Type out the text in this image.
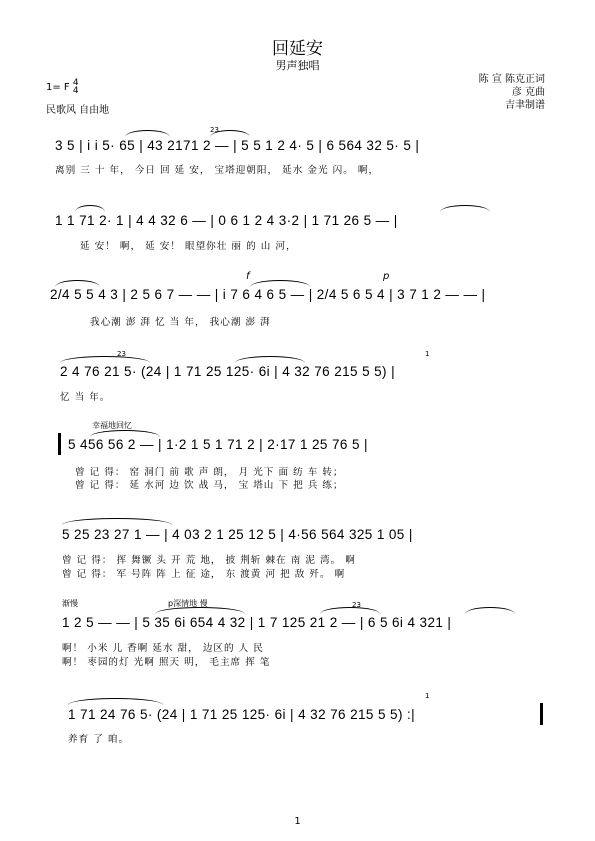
回延安
男声独唱
1= F 4
4
民歌风 自由地
陈 宣 陈克正词
彦 克曲
吉聿制谱
3 5 | i i 5· 65 | 43 2171 2 — | 5 5 1 2 4· 5 | 6 564 32 5· 5 |
离别 三 十 年， 今日 回 延 安， 宝塔迎朝阳， 延水 金光 闪。 啊，
23
1 1 71 2· 1 | 4 4 32 6 — | 0 6 1 2 4 3·2 | 1 71 26 5 — |
延 安！ 啊， 延 安！ 眼望你壮 丽 的 山 河，
2/4 5 5 4 3 | 2 5 6 7 — — | i 7 6 4 6 5 — | 2/4 5 6 5 4 | 3 7 1 2 — — |
我心潮 澎 湃 忆 当 年， 我心潮 澎 湃
f	p
2 4 76 21 5· (24 | 1 71 25 125· 6i | 4 32 76 215 5 5) |
忆 当 年。
23	1
幸福地回忆
5 456 56 2 — | 1·2 1 5 1 71 2 | 2·17 1 25 76 5 |
曾 记 得： 窑 洞门 前 歌 声 朗， 月 光下 面 纺 车 转；
曾 记 得： 延 水河 边 饮 战 马， 宝 塔山 下 把 兵 练；
5 25 23 27 1 — | 4 03 2 1 25 12 5 | 4·56 564 325 1 05 |
曾 记 得： 挥 舞镢 头 开 荒 地， 披 荆斩 棘在 南 泥 湾。 啊
曾 记 得： 军 号阵 阵 上 征 途， 东 渡黄 河 把 敌 歼。 啊
渐慢	p深情地 慢
1 2 5 — — | 5 35 6i 654 4 32 | 1 7 125 21 2 — | 6 5 6i 4 321 |
啊！ 小米 儿 香啊 延水 甜， 边区的 人 民
啊！ 枣园的灯 光啊 照天 明， 毛主席 挥 笔
23
1 71 24 76 5· (24 | 1 71 25 125· 6i | 4 32 76 215 5 5) :|
养育 了 咱。
1
1
